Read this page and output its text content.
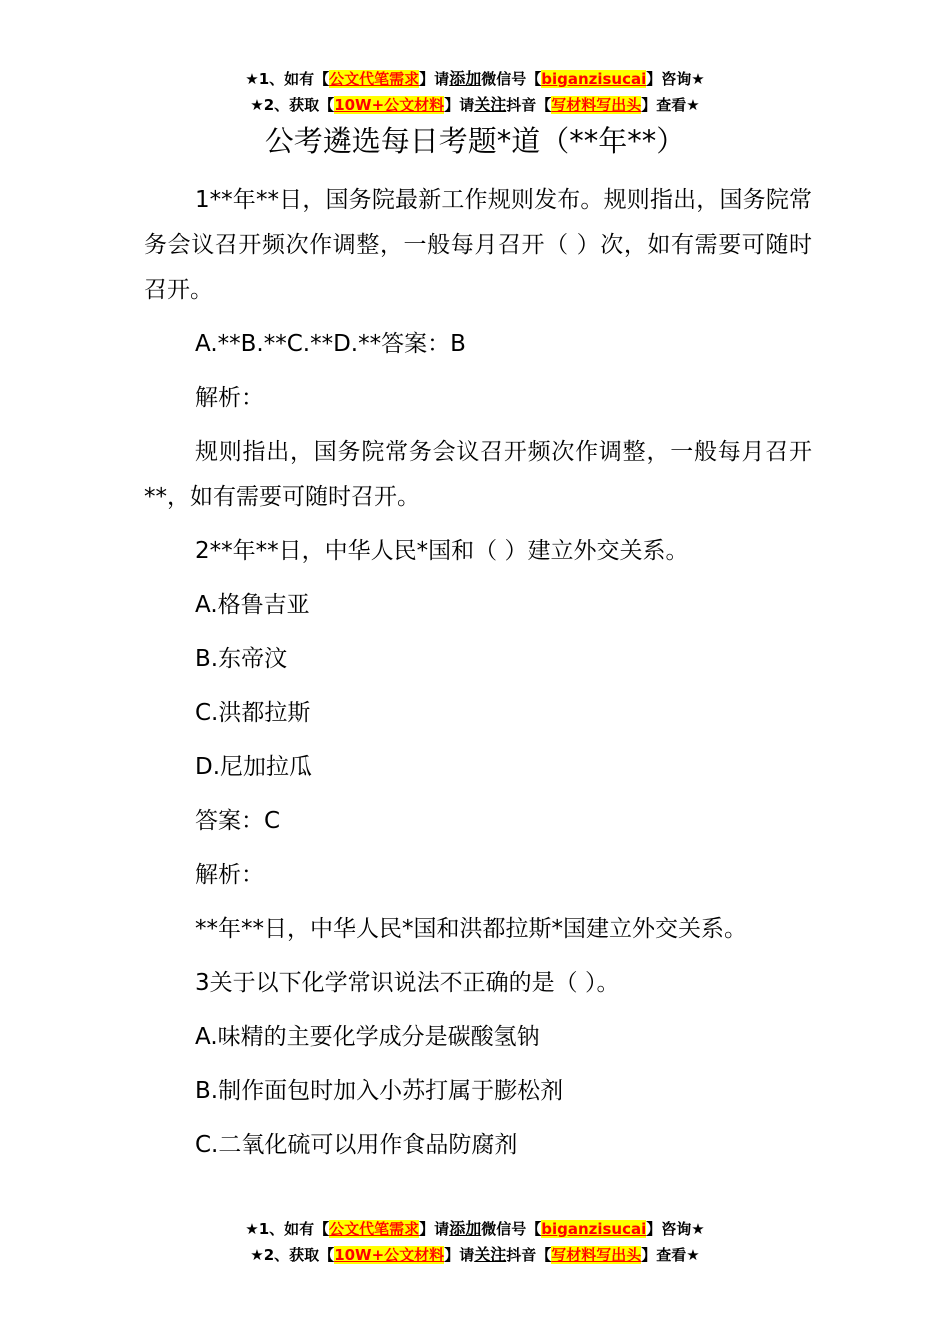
★1、如有【公文代笔需求】请添加微信号【biganzisucai】咨询★
★2、获取【10W+公文材料】请关注抖音【写材料写出头】查看★
公考遴选每日考题*道（**年**）

1**年**日，国务院最新工作规则发布。规则指出，国务院常务会议召开频次作调整，一般每月召开（ ）次，如有需要可随时召开。

A.**B.**C.**D.**答案：B

解析：

规则指出，国务院常务会议召开频次作调整，一般每月召开**，如有需要可随时召开。

2**年**日，中华人民*国和（ ）建立外交关系。

A.格鲁吉亚

B.东帝汶

C.洪都拉斯

D.尼加拉瓜

答案：C

解析：

**年**日，中华人民*国和洪都拉斯*国建立外交关系。

3关于以下化学常识说法不正确的是（ ）。

A.味精的主要化学成分是碳酸氢钠

B.制作面包时加入小苏打属于膨松剂

C.二氧化硫可以用作食品防腐剂

★1、如有【公文代笔需求】请添加微信号【biganzisucai】咨询★
★2、获取【10W+公文材料】请关注抖音【写材料写出头】查看★
